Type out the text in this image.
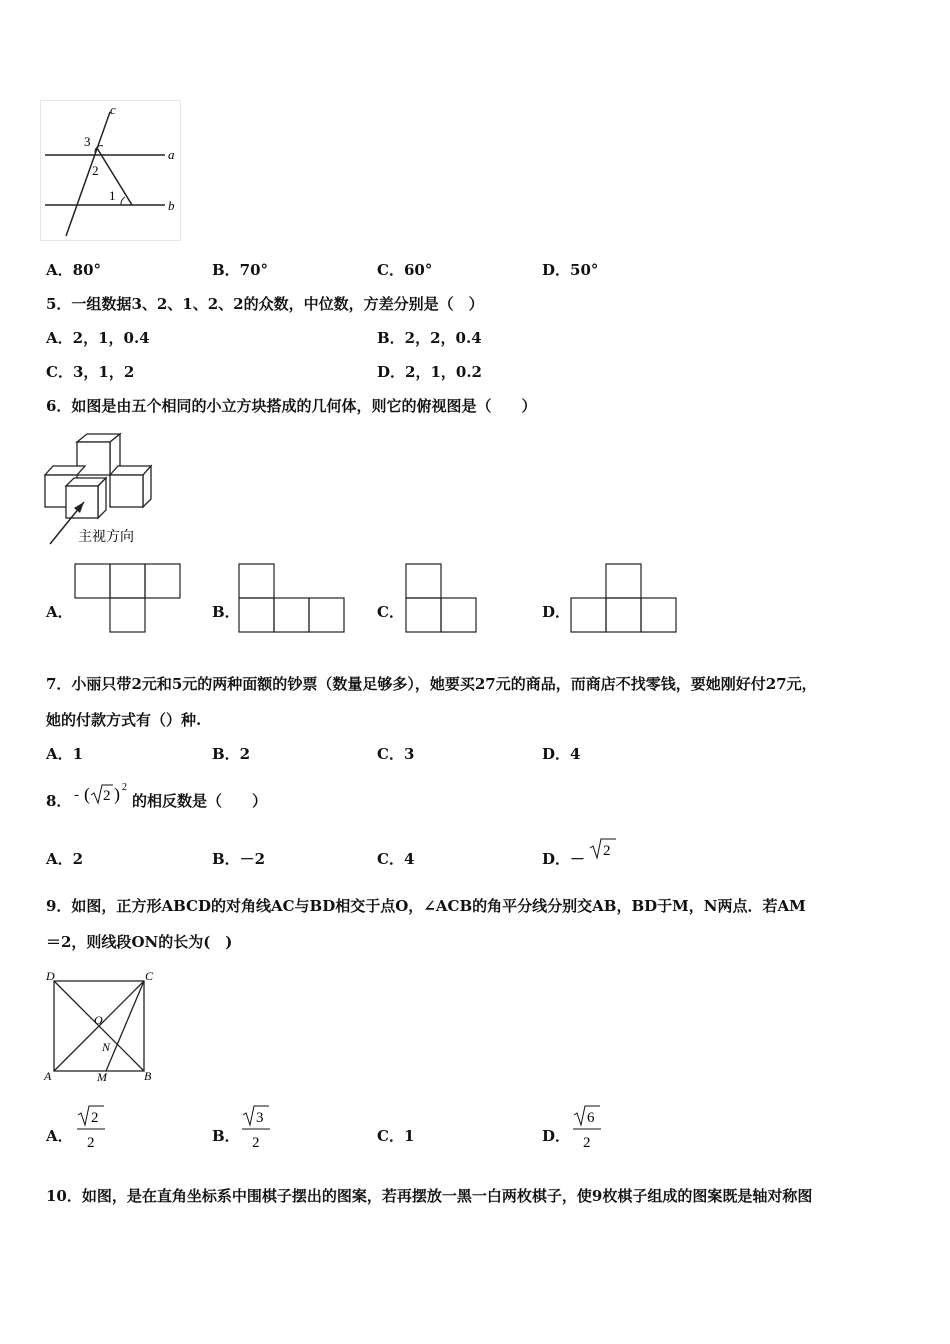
c
3
a
2
1
b
A．80°	B．70°	C．60°	D．50°
5．一组数据3、2、1、2、2的众数，中位数，方差分别是（　）
A．2，1，0.4	B．2，2，0.4
C．3，1，2	D．2，1，0.2
6．如图是由五个相同的小立方块搭成的几何体，则它的俯视图是（　　）
主视方向
A．	B．	C．	D．
7．小丽只带2元和5元的两种面额的钞票（数量足够多），她要买27元的商品，而商店不找零钱，要她刚好付27元，
她的付款方式有（）种.
A．1	B．2	C．3	D．4
8． - ( 2 ) 2
的相反数是（　　）
A．2	B．－2	C．4	D．－ 2
9．如图，正方形ABCD的对角线AC与BD相交于点O，∠ACB的角平分线分别交AB，BD于M，N两点．若AM
＝2，则线段ON的长为(　)
D	C
O
N
A	M	B
A．
2
2	B．
3
2	C．1	D．
6
2
10．如图，是在直角坐标系中围棋子摆出的图案，若再摆放一黑一白两枚棋子，使9枚棋子组成的图案既是轴对称图
